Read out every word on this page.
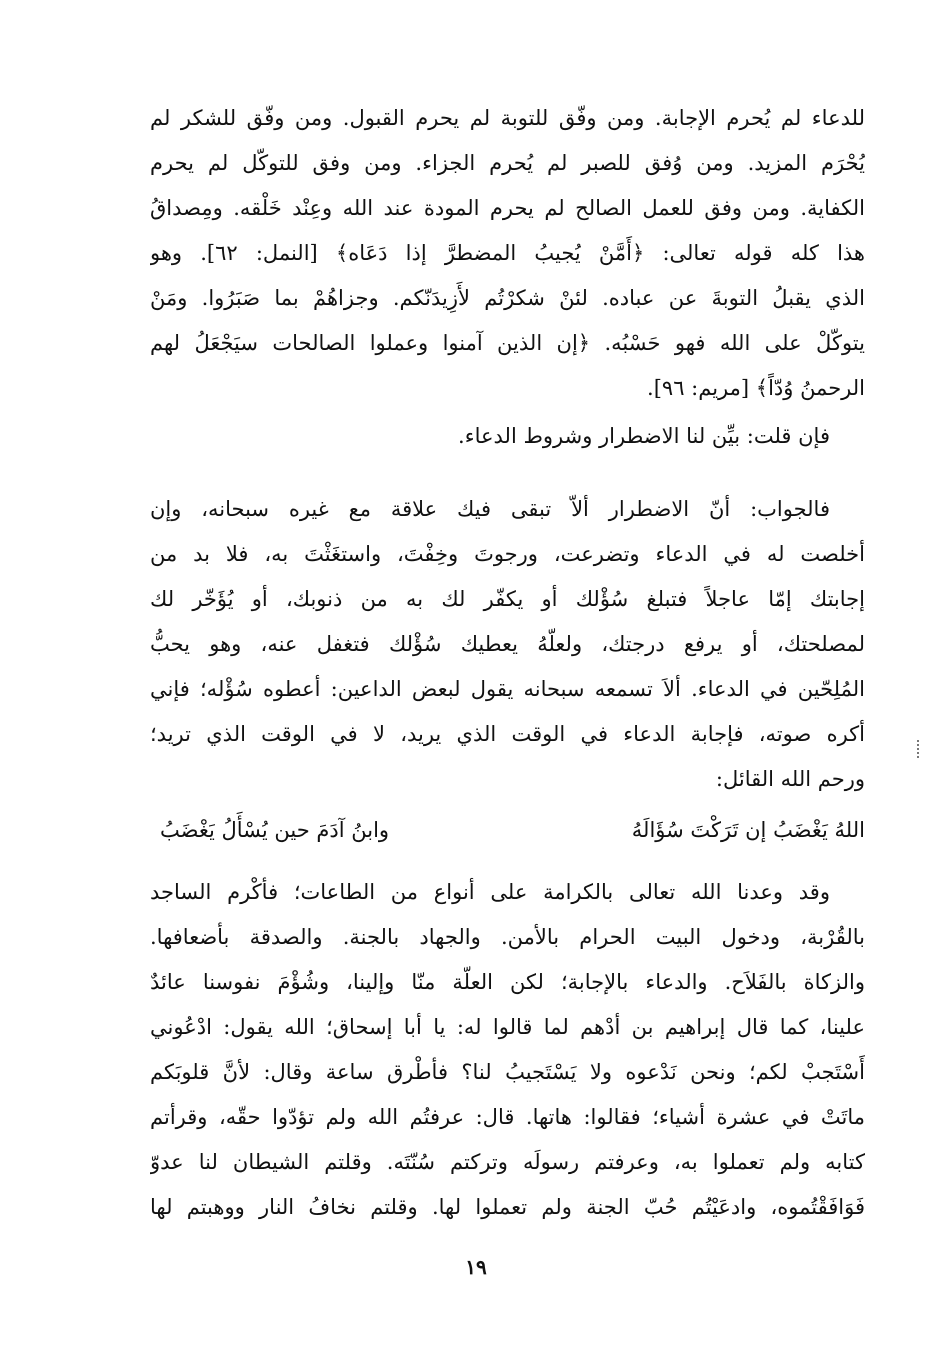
للدعاء لم يُحرم الإجابة. ومن وفّق للتوبة لم يحرم القبول. ومن وفّق للشكر لم
يُحْرَم المزيد. ومن وُفق للصبر لم يُحرم الجزاء. ومن وفق للتوكّل لم يحرم
الكفاية. ومن وفق للعمل الصالح لم يحرم المودة عند الله وعِنْد خَلْقه. ومِصداقُ
هذا كله قوله تعالى: ﴿أَمَّنْ يُجيبُ المضطرَّ إذا دَعَاه﴾ [النمل: ٦٢]. وهو
الذي يقبلُ التوبةَ عن عباده. لئنْ شكرْتُم لأَزِيدَنّكم. وجزاهُمْ بما صَبَرُوا. ومَنْ
يتوكّلْ على الله فهو حَسْبُه. ﴿إن الذين آمنوا وعملوا الصالحات سيَجْعَلُ لهم
الرحمنُ وُدّاً﴾ [مريم: ٩٦].
فإن قلت: بيِّن لنا الاضطرار وشروط الدعاء.
فالجواب: أنّ الاضطرار ألاّ تبقى فيك علاقة مع غيره سبحانه، وإن
أخلصت له في الدعاء وتضرعت، ورجوتَ وخِفْتَ، واستغَثْتَ به، فلا بد من
إجابتك إمّا عاجلاً فتبلغ سُؤْلك أو يكفّر لك به من ذنوبك، أو يُؤَخّر لك
لمصلحتك، أو يرفع درجتك، ولعلّهُ يعطيك سُؤْلك فتغفل عنه، وهو يحبُّ
المُلِحّين في الدعاء. ألاَ تسمعه سبحانه يقول لبعض الداعين: أعطوه سُؤْله؛ فإني
أكره صوته، فإجابة الدعاء في الوقت الذي يريد، لا في الوقت الذي تريد؛
ورحم الله القائل:
اللهُ يَغْضَبُ إن تَرَكْتَ سُؤَالَهُ
وابنُ آدَمَ حين يُسْأَلُ يَغْضَبُ
وقد وعدنا الله تعالى بالكرامة على أنواع من الطاعات؛ فأكْرم الساجد
بالقُرْبة، ودخول البيت الحرام بالأمن. والجهاد بالجنة. والصدقة بأضعافها.
والزكاة بالفَلاَح. والدعاء بالإجابة؛ لكن العلّة منّا وإلينا، وشُؤْمَ نفوسنا عائدٌ
علينا، كما قال إبراهيم بن أدْهم لما قالوا له: يا أبا إسحاق؛ الله يقول: ادْعُوني
أَسْتَجبْ لكم؛ ونحن نَدْعوه ولا يَسْتَجيبُ لنا؟ فأطْرق ساعة وقال: لأنَّ قلوبَكم
ماتَتْ في عشرة أشياء؛ فقالوا: هاتها. قال: عرفتُم الله ولم تؤدّوا حقّه، وقرأتم
كتابه ولم تعملوا به، وعرفتم رسولَه وتركتم سُنّتَه. وقلتم الشيطان لنا عدوّ
فَوَافَقْتُموه، وادعَيْتُم حُبّ الجنة ولم تعملوا لها. وقلتم نخافُ النار ووهبتم لها
١٩
